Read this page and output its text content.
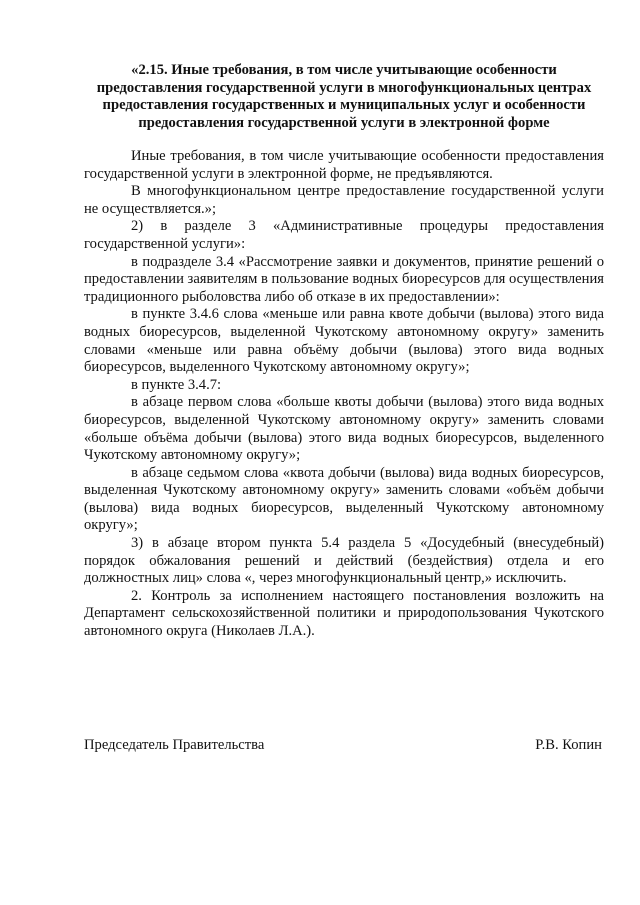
«2.15. Иные требования, в том числе учитывающие особенности предоставления государственной услуги в многофункциональных центрах предоставления государственных и муниципальных услуг и особенности предоставления государственной услуги в электронной форме

Иные требования, в том числе учитывающие особенности предоставления государственной услуги в электронной форме, не предъявляются.

В многофункциональном центре предоставление государственной услуги не осуществляется.»;

2) в разделе 3 «Административные процедуры предоставления государственной услуги»:

в подразделе 3.4 «Рассмотрение заявки и документов, принятие решений о предоставлении заявителям в пользование водных биоресурсов для осуществления традиционного рыболовства либо об отказе в их предоставлении»:

в пункте 3.4.6 слова «меньше или равна квоте добычи (вылова) этого вида водных биоресурсов, выделенной Чукотскому автономному округу» заменить словами «меньше или равна объёму добычи (вылова) этого вида водных биоресурсов, выделенного Чукотскому автономному округу»;

в пункте 3.4.7:

в абзаце первом слова «больше квоты добычи (вылова) этого вида водных биоресурсов, выделенной Чукотскому автономному округу» заменить словами «больше объёма добычи (вылова) этого вида водных биоресурсов, выделенного Чукотскому автономному округу»;

в абзаце седьмом слова «квота добычи (вылова) вида водных биоресурсов, выделенная Чукотскому автономному округу» заменить словами «объём добычи (вылова) вида водных биоресурсов, выделенный Чукотскому автономному округу»;

3) в абзаце втором пункта 5.4 раздела 5 «Досудебный (внесудебный) порядок обжалования решений и действий (бездействия) отдела и его должностных лиц» слова «, через многофункциональный центр,» исключить.

2. Контроль за исполнением настоящего постановления возложить на Департамент сельскохозяйственной политики и природопользования Чукотского автономного округа (Николаев Л.А.).

Председатель Правительства	Р.В. Копин
